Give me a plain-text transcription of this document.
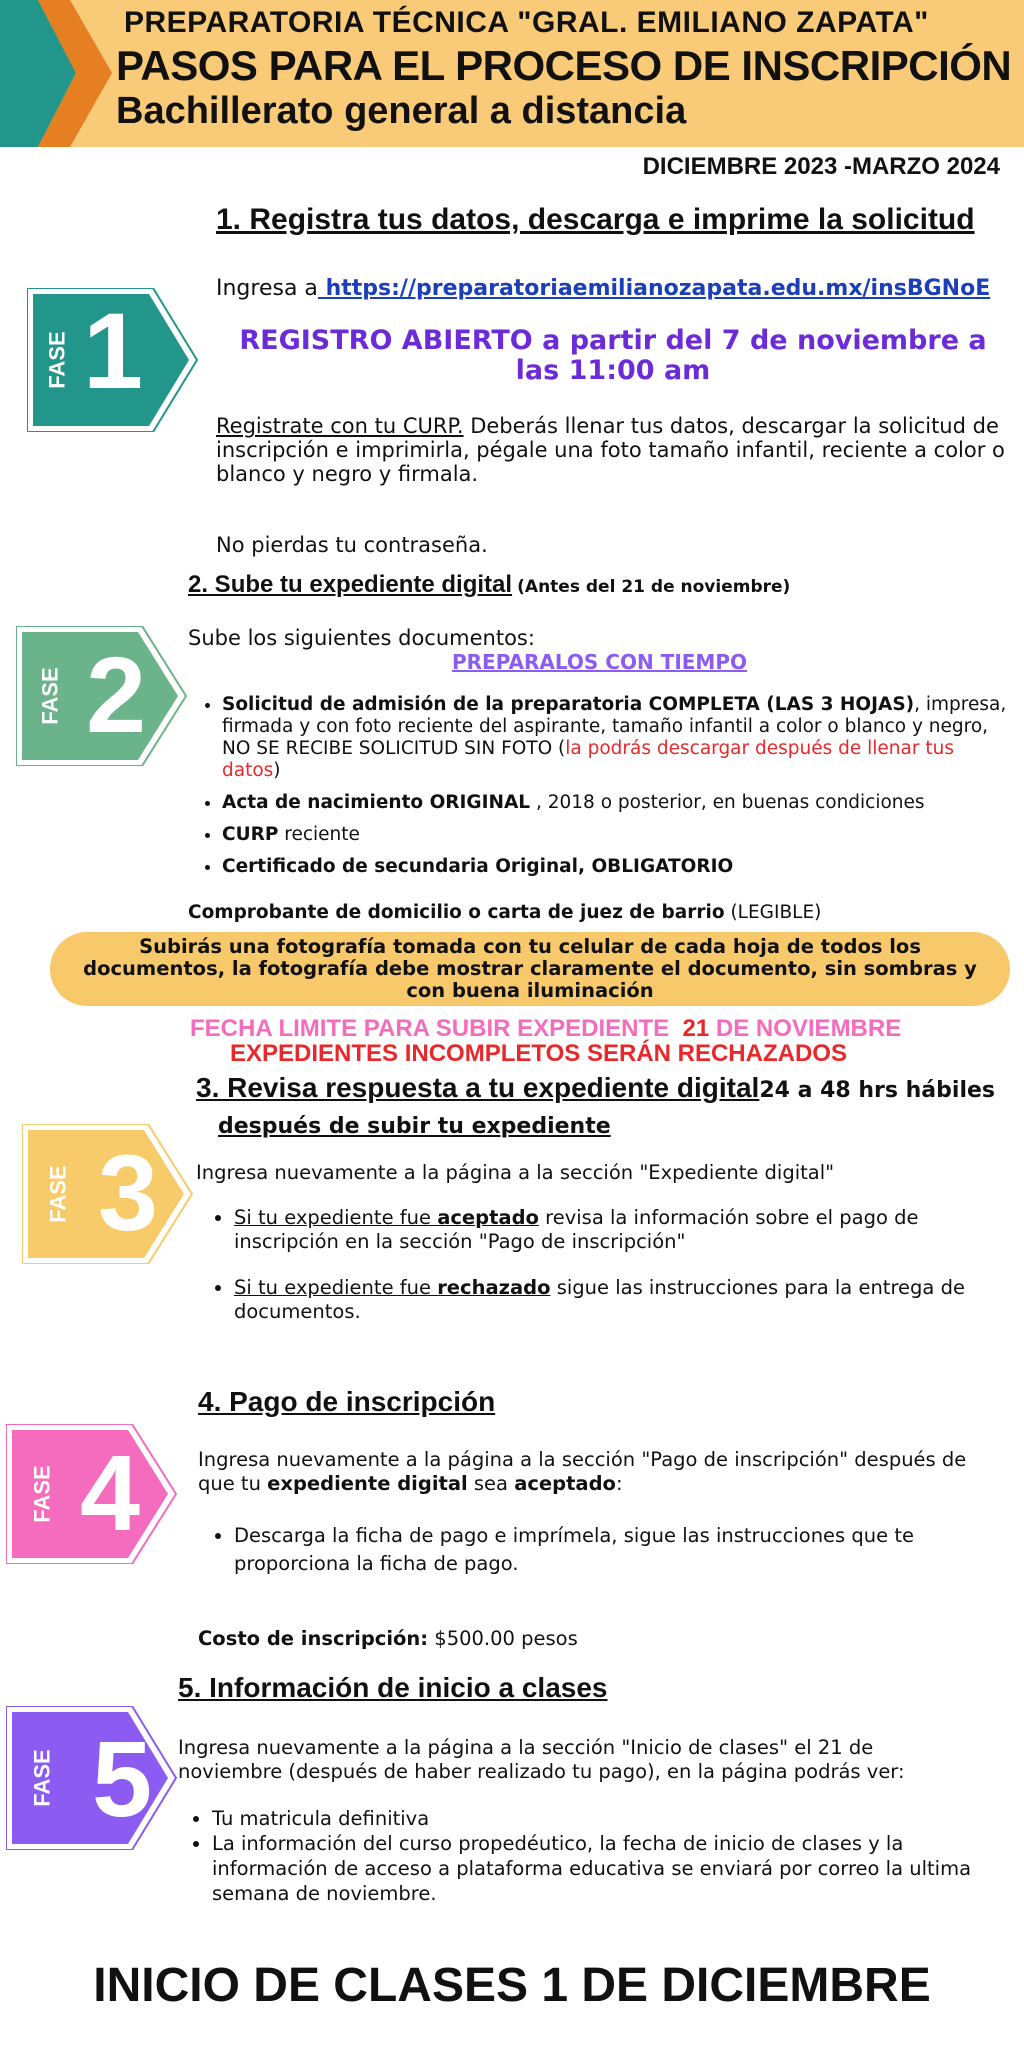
PREPARATORIA TÉCNICA "GRAL. EMILIANO ZAPATA"
PASOS PARA EL PROCESO DE INSCRIPCIÓN
Bachillerato general a distancia
DICIEMBRE 2023 -MARZO 2024
FASE 1
FASE 2
FASE 3
FASE 4
FASE 5
1. Registra tus datos, descarga e imprime la solicitud
Ingresa a https://preparatoriaemilianozapata.edu.mx/insBGNoE
REGISTRO ABIERTO a partir del 7 de noviembre a las 11:00 am
Registrate con tu CURP. Deberás llenar tus datos, descargar la solicitud de inscripción e imprimirla, pégale una foto tamaño infantil, reciente a color o blanco y negro y firmala.
No pierdas tu contraseña.
2. Sube tu expediente digital (Antes del 21 de noviembre)
Sube los siguientes documentos:
PREPARALOS CON TIEMPO
• Solicitud de admisión de la preparatoria COMPLETA (LAS 3 HOJAS), impresa, firmada y con foto reciente del aspirante, tamaño infantil a color o blanco y negro, NO SE RECIBE SOLICITUD SIN FOTO (la podrás descargar después de llenar tus datos)
• Acta de nacimiento ORIGINAL , 2018 o posterior, en buenas condiciones
• CURP reciente
• Certificado de secundaria Original, OBLIGATORIO
Comprobante de domicilio o carta de juez de barrio (LEGIBLE)
Subirás una fotografía tomada con tu celular de cada hoja de todos los documentos, la fotografía debe mostrar claramente el documento, sin sombras y con buena iluminación
FECHA LIMITE PARA SUBIR EXPEDIENTE 21 DE NOVIEMBRE
EXPEDIENTES INCOMPLETOS SERÁN RECHAZADOS
3. Revisa respuesta a tu expediente digital24 a 48 hrs hábiles
después de subir tu expediente
Ingresa nuevamente a la página a la sección "Expediente digital"
• Si tu expediente fue aceptado revisa la información sobre el pago de inscripción en la sección "Pago de inscripción"
• Si tu expediente fue rechazado sigue las instrucciones para la entrega de documentos.
4. Pago de inscripción
Ingresa nuevamente a la página a la sección "Pago de inscripción" después de que tu expediente digital sea aceptado:
• Descarga la ficha de pago e imprímela, sigue las instrucciones que te proporciona la ficha de pago.
Costo de inscripción: $500.00 pesos
5. Información de inicio a clases
Ingresa nuevamente a la página a la sección "Inicio de clases" el 21 de noviembre (después de haber realizado tu pago), en la página podrás ver:
• Tu matricula definitiva
• La información del curso propedéutico, la fecha de inicio de clases y la información de acceso a plataforma educativa se enviará por correo la ultima semana de noviembre.
INICIO DE CLASES 1 DE DICIEMBRE
